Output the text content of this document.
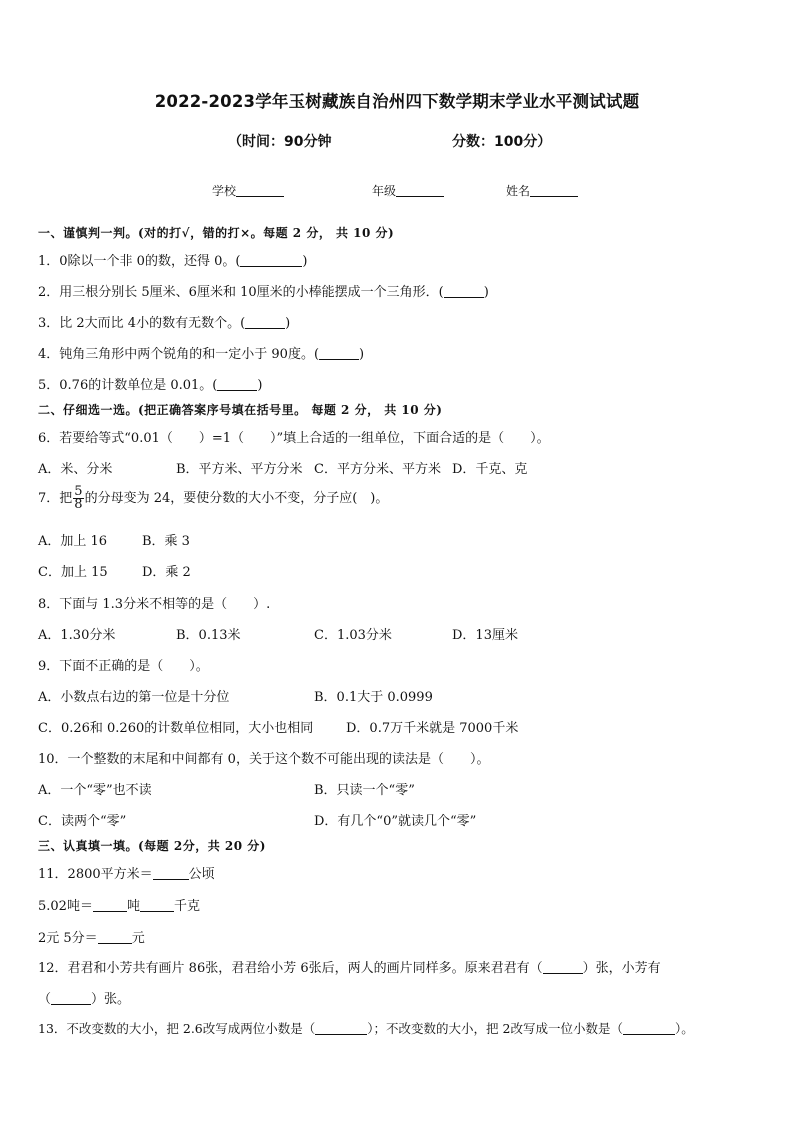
2022-2023学年玉树藏族自治州四下数学期末学业水平测试试题
（时间：90分钟	分数：100分）
学校	年级	姓名
一、谨慎判一判。(对的打√，错的打×。每题 2 分， 共 10 分)
1．0除以一个非 0的数，还得 0。(	)
2．用三根分别长 5厘米、6厘米和 10厘米的小棒能摆成一个三角形．(	)
3．比 2大而比 4小的数有无数个。(	)
4．钝角三角形中两个锐角的和一定小于 90度。(	)
5．0.76的计数单位是 0.01。(	)
二、仔细选一选。(把正确答案序号填在括号里。 每题 2 分， 共 10 分)
6．若要给等式“0.01（　　）=1（　　）”填上合适的一组单位，下面合适的是（　　）。
A．米、分米	B．平方米、平方分米 C．平方分米、平方米 D．千克、克
7．把 $\frac{5}{8}$ 的分母变为 24，要使分数的大小不变，分子应(　)。
A．加上 16	B．乘 3
C．加上 15	D．乘 2
8．下面与 1.3分米不相等的是（　　）.
A．1.30分米	B．0.13米	C．1.03分米	D．13厘米
9．下面不正确的是（　　）。
A．小数点右边的第一位是十分位	B．0.1大于 0.0999
C．0.26和 0.260的计数单位相同，大小也相同	D．0.7万千米就是 7000千米
10．一个整数的末尾和中间都有 0，关于这个数不可能出现的读法是（　　）。
A．一个“零”也不读	B．只读一个“零”
C．读两个“零”	D．有几个“0”就读几个“零”
三、认真填一填。(每题 2分，共 20 分)
11．2800平方米＝	公顷
5.02吨＝	吨	千克
2元 5分＝	元
12．君君和小芳共有画片 86张，君君给小芳 6张后，两人的画片同样多。原来君君有（	）张，小芳有
（	）张。
13．不改变数的大小，把 2.6改写成两位小数是（	）；不改变数的大小，把 2改写成一位小数是（	）。
